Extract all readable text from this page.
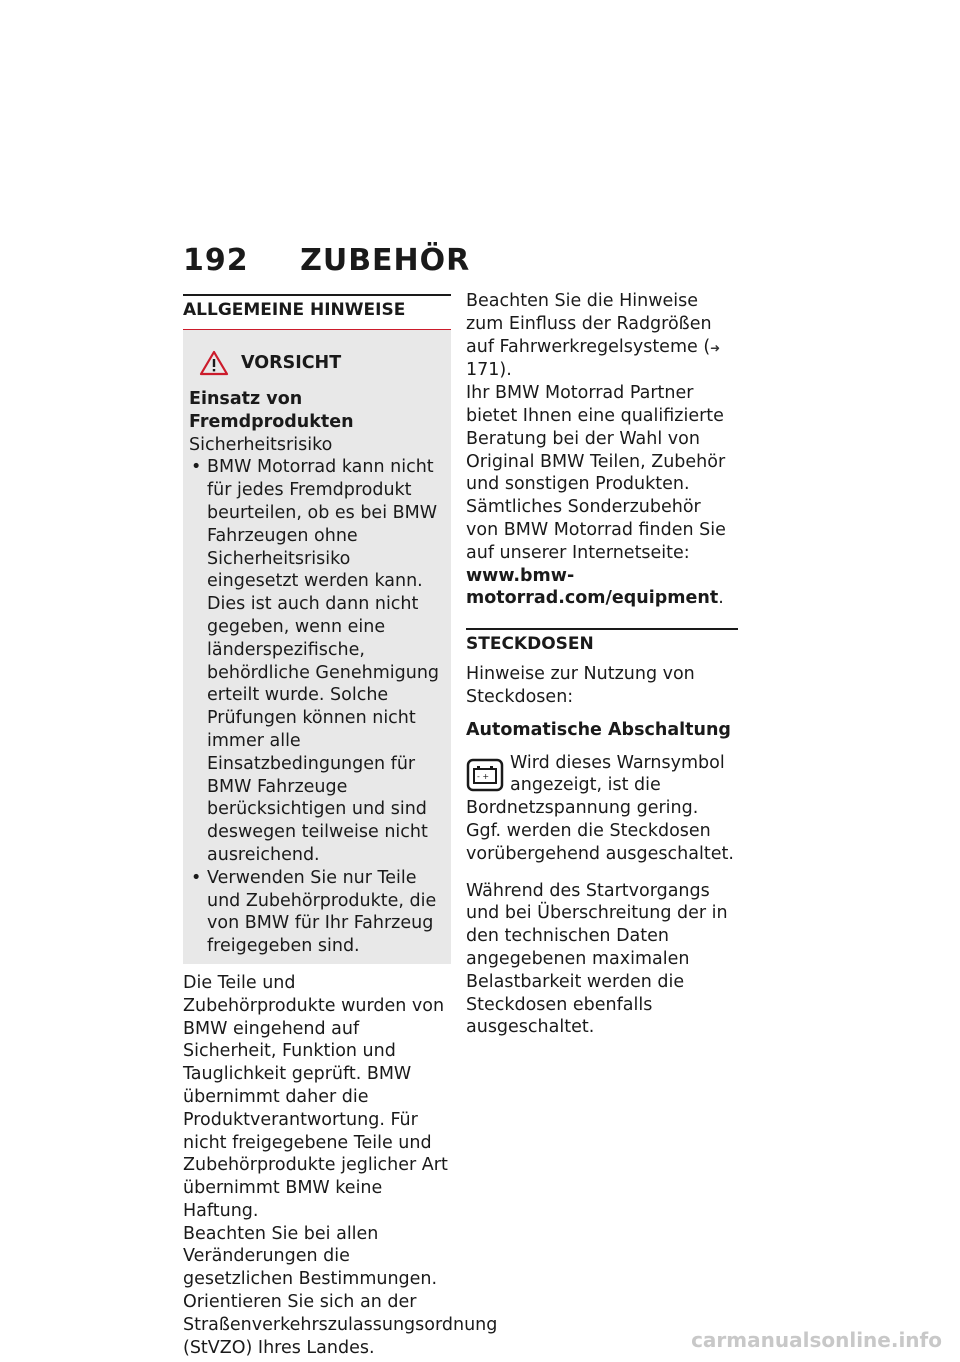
192 ZUBEHÖR
ALLGEMEINE HINWEISE
VORSICHT
Einsatz von Fremdprodukten
Sicherheitsrisiko
• BMW Motorrad kann nicht für jedes Fremdprodukt beurteilen, ob es bei BMW Fahrzeugen ohne Sicherheitsrisiko eingesetzt werden kann. Dies ist auch dann nicht gegeben, wenn eine länderspezifische, behördliche Genehmigung erteilt wurde. Solche Prüfungen können nicht immer alle Einsatzbedingungen für BMW Fahrzeuge berücksichtigen und sind deswegen teilweise nicht ausreichend.
• Verwenden Sie nur Teile und Zubehörprodukte, die von BMW für Ihr Fahrzeug freigegeben sind.

Die Teile und Zubehörprodukte wurden von BMW eingehend auf Sicherheit, Funktion und Tauglichkeit geprüft. BMW übernimmt daher die Produktverantwortung. Für nicht freigegebene Teile und Zubehörprodukte jeglicher Art übernimmt BMW keine Haftung.

Beachten Sie bei allen Veränderungen die gesetzlichen Bestimmungen. Orientieren Sie sich an der Straßenverkehrszulassungsordnung (StVZO) Ihres Landes.

Beachten Sie die Hinweise zum Einfluss der Radgrößen auf Fahrwerkregelsysteme (➜ 171).

Ihr BMW Motorrad Partner bietet Ihnen eine qualifizierte Beratung bei der Wahl von Original BMW Teilen, Zubehör und sonstigen Produkten.

Sämtliches Sonderzubehör von BMW Motorrad finden Sie auf unserer Internetseite:

www.bmw-motorrad.com/equipment.

STECKDOSEN

Hinweise zur Nutzung von Steckdosen:

Automatische Abschaltung

- +
Wird dieses Warnsymbol angezeigt, ist die Bordnetzspannung gering. Ggf. werden die Steckdosen vorübergehend ausgeschaltet.

Während des Startvorgangs und bei Überschreitung der in den technischen Daten angegebenen maximalen Belastbarkeit werden die Steckdosen ebenfalls ausgeschaltet.

carmanualsonline.info
